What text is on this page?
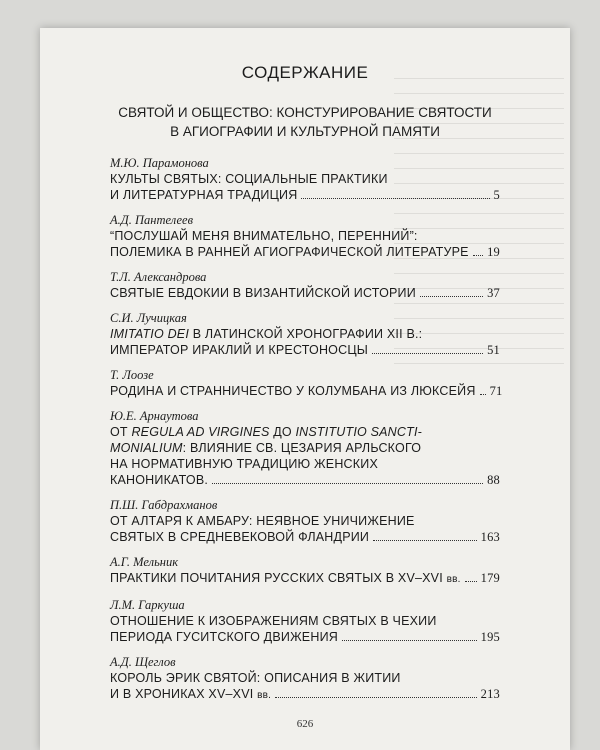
СОДЕРЖАНИЕ
СВЯТОЙ И ОБЩЕСТВО: КОНСТУРИРОВАНИЕ СВЯТОСТИ
В АГИОГРАФИИ И КУЛЬТУРНОЙ ПАМЯТИ
М.Ю. Парамонова
КУЛЬТЫ СВЯТЫХ: СОЦИАЛЬНЫЕ ПРАКТИКИ
И ЛИТЕРАТУРНАЯ ТРАДИЦИЯ	5
А.Д. Пантелеев
“ПОСЛУШАЙ МЕНЯ ВНИМАТЕЛЬНО, ПЕРЕННИЙ”:
ПОЛЕМИКА В РАННЕЙ АГИОГРАФИЧЕСКОЙ ЛИТЕРАТУРЕ 19
Т.Л. Александрова
СВЯТЫЕ ЕВДОКИИ В ВИЗАНТИЙСКОЙ ИСТОРИИ	37
С.И. Лучицкая
IMITATIO DEI В ЛАТИНСКОЙ ХРОНОГРАФИИ XII В.:
ИМПЕРАТОР ИРАКЛИЙ И КРЕСТОНОСЦЫ	51
Т. Лоозе
РОДИНА И СТРАННИЧЕСТВО У КОЛУМБАНА ИЗ ЛЮКСЕЙЯ 71
Ю.Е. Арнаутова
ОТ REGULA AD VIRGINES ДО INSTITUTIO SANCTI-
MONIALIUM: ВЛИЯНИЕ СВ. ЦЕЗАРИЯ АРЛЬСКОГО
НА НОРМАТИВНУЮ ТРАДИЦИЮ ЖЕНСКИХ
КАНОНИКАТОВ.	88
П.Ш. Габдрахманов
ОТ АЛТАРЯ К АМБАРУ: НЕЯВНОЕ УНИЧИЖЕНИЕ
СВЯТЫХ В СРЕДНЕВЕКОВОЙ ФЛАНДРИИ	163
А.Г. Мельник
ПРАКТИКИ ПОЧИТАНИЯ РУССКИХ СВЯТЫХ В XV–XVI вв. 179
Л.М. Гаркуша
ОТНОШЕНИЕ К ИЗОБРАЖЕНИЯМ СВЯТЫХ В ЧЕХИИ
ПЕРИОДА ГУСИТСКОГО ДВИЖЕНИЯ	195
А.Д. Щеглов
КОРОЛЬ ЭРИК СВЯТОЙ: ОПИСАНИЯ В ЖИТИИ
И В ХРОНИКАХ XV–XVI вв.	213
626
